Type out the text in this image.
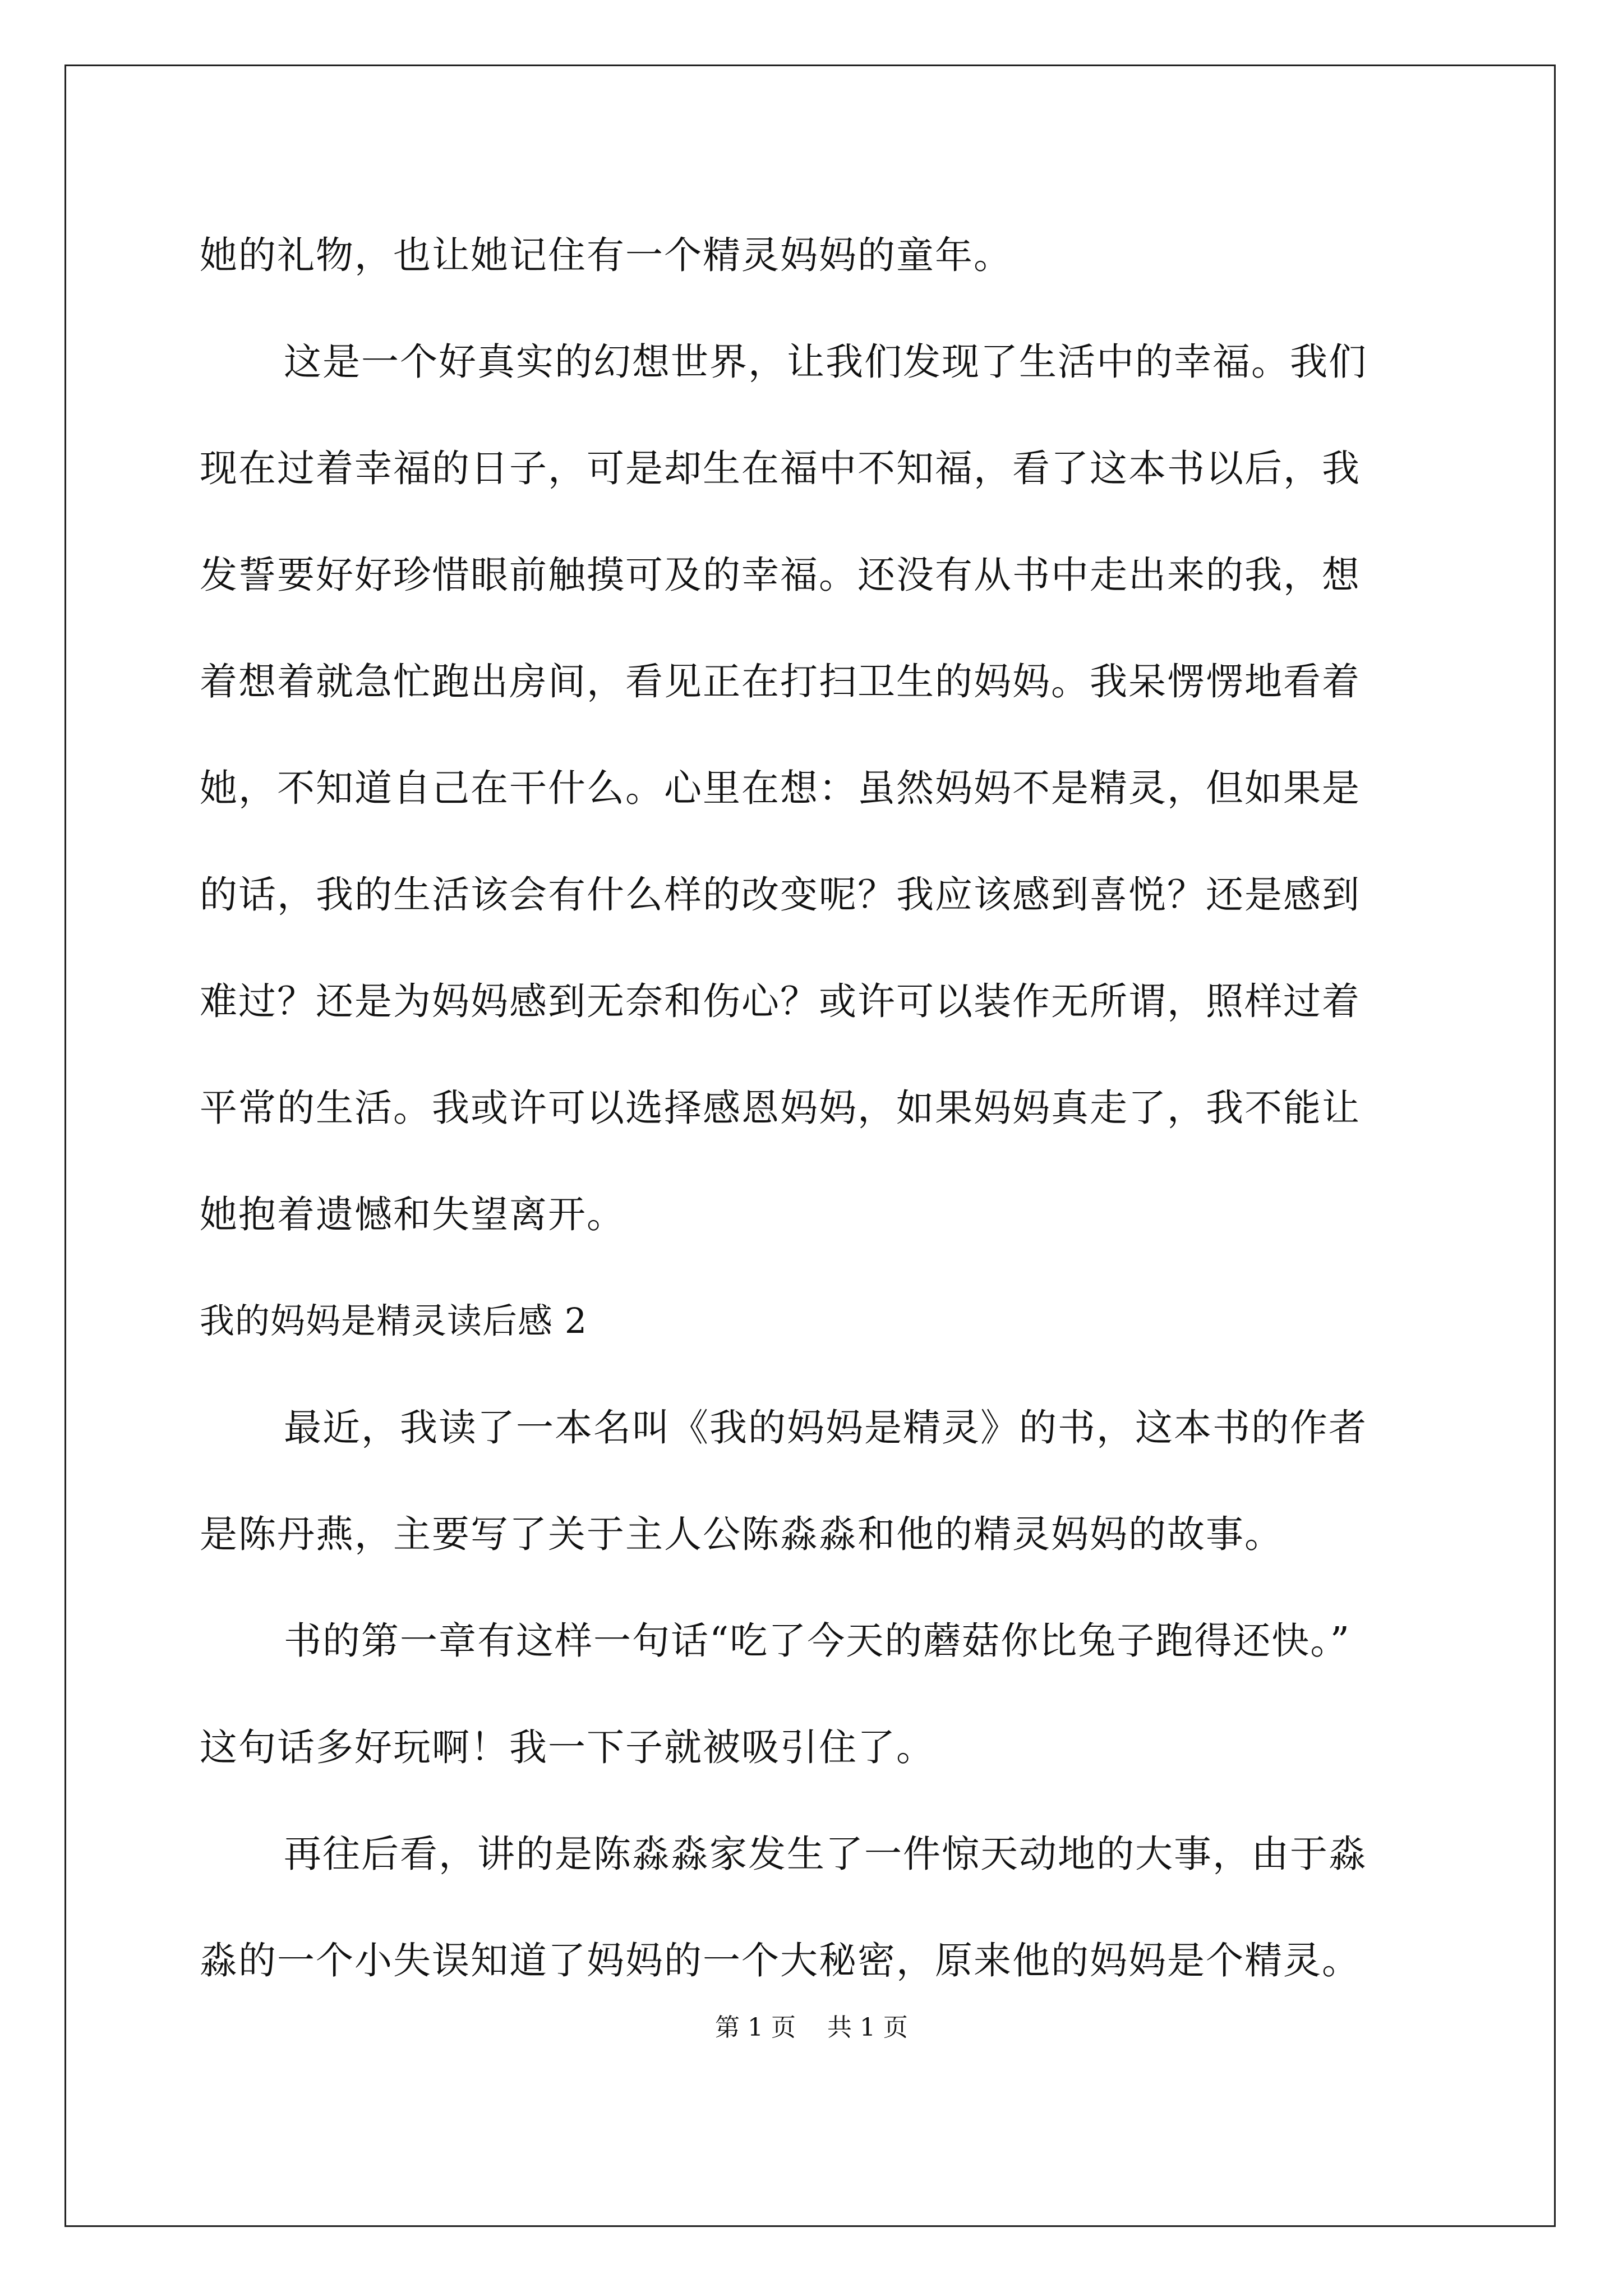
她的礼物，也让她记住有一个精灵妈妈的童年。
这是一个好真实的幻想世界，让我们发现了生活中的幸福。我们
现在过着幸福的日子，可是却生在福中不知福，看了这本书以后，我
发誓要好好珍惜眼前触摸可及的幸福。还没有从书中走出来的我，想
着想着就急忙跑出房间，看见正在打扫卫生的妈妈。我呆愣愣地看着
她，不知道自己在干什么。心里在想：虽然妈妈不是精灵，但如果是
的话，我的生活该会有什么样的改变呢？我应该感到喜悦？还是感到
难过？还是为妈妈感到无奈和伤心？或许可以装作无所谓，照样过着
平常的生活。我或许可以选择感恩妈妈，如果妈妈真走了，我不能让
她抱着遗憾和失望离开。
我的妈妈是精灵读后感 2
最近，我读了一本名叫《我的妈妈是精灵》的书，这本书的作者
是陈丹燕，主要写了关于主人公陈淼淼和他的精灵妈妈的故事。
书的第一章有这样一句话“吃了今天的蘑菇你比兔子跑得还快。”
这句话多好玩啊！我一下子就被吸引住了。
再往后看，讲的是陈淼淼家发生了一件惊天动地的大事，由于淼
淼的一个小失误知道了妈妈的一个大秘密，原来他的妈妈是个精灵。
第 1 页    共 1 页
